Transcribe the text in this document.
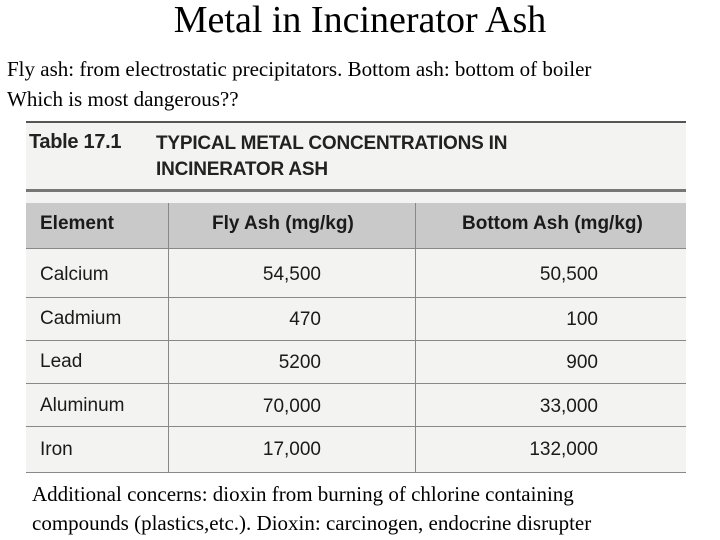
Metal in Incinerator Ash
Fly ash: from electrostatic precipitators. Bottom ash: bottom of boiler
Which is most dangerous??
Table 17.1 TYPICAL METAL CONCENTRATIONS IN
INCINERATOR ASH
Element	Fly Ash (mg/kg)	Bottom Ash (mg/kg)
Calcium	54,500	50,500
Cadmium	470	100
Lead	5200	900
Aluminum	70,000	33,000
Iron	17,000	132,000
Additional concerns: dioxin from burning of chlorine containing
compounds (plastics,etc.). Dioxin: carcinogen, endocrine disrupter
